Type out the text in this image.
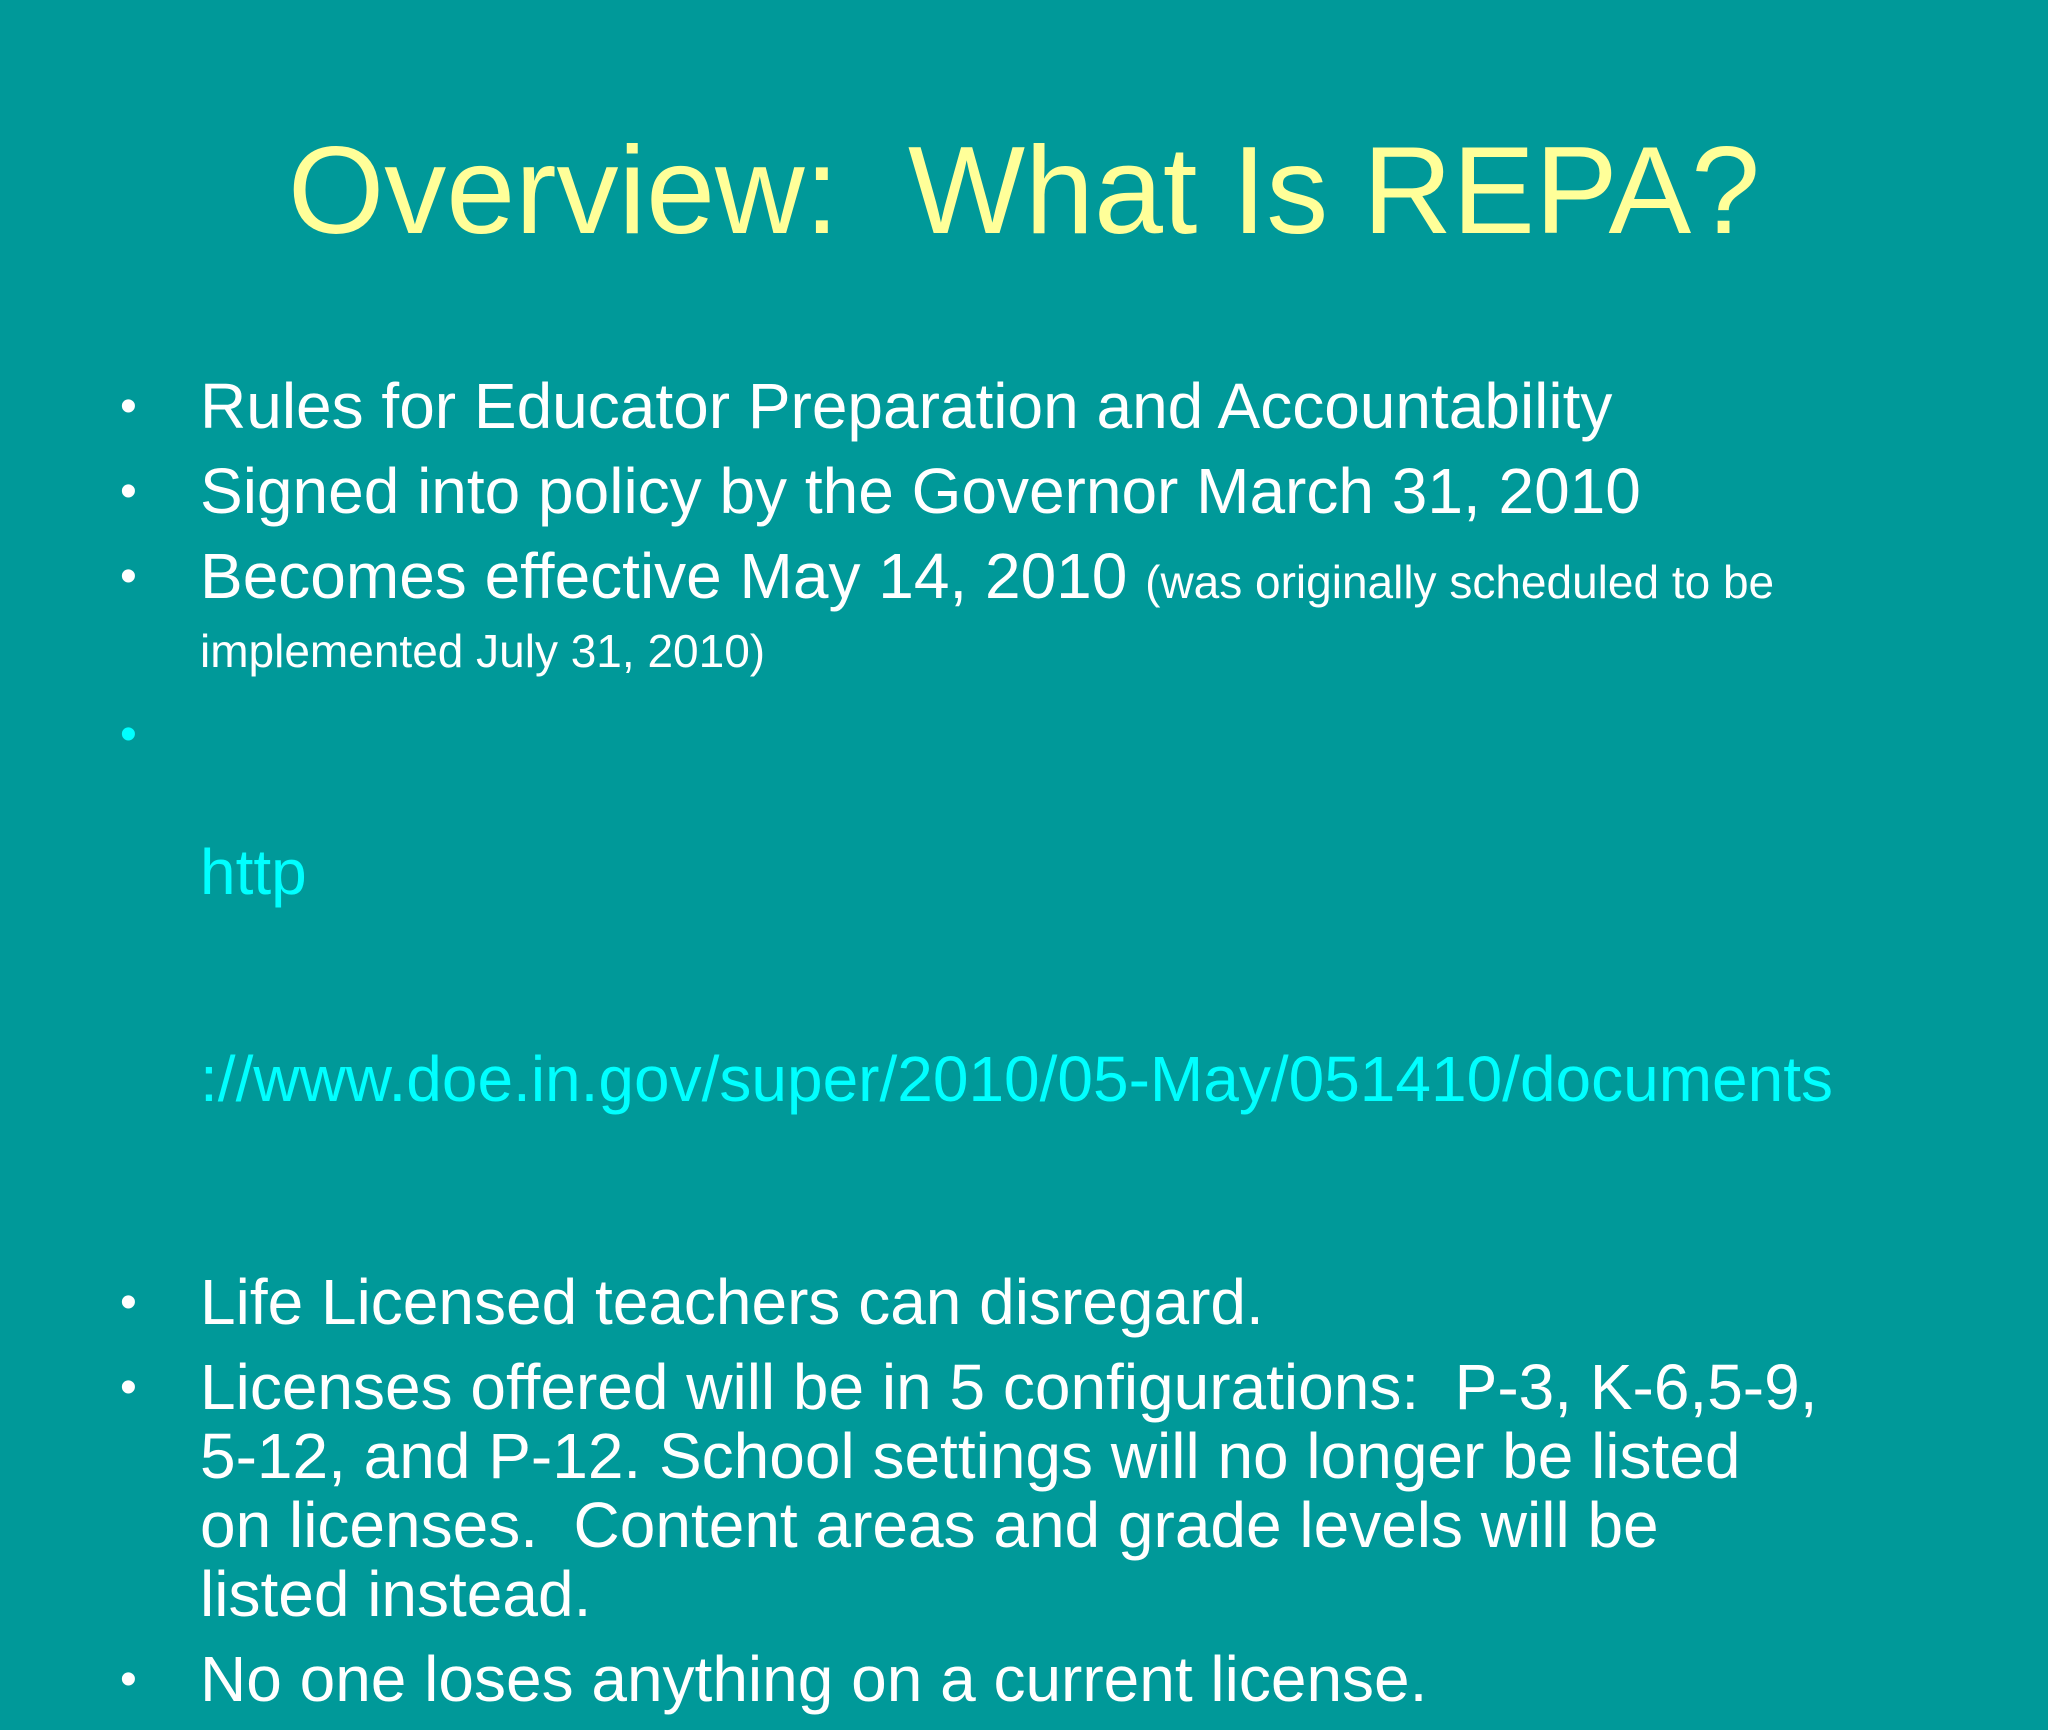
Overview:  What Is REPA?
• Rules for Educator Preparation and Accountability
• Signed into policy by the Governor March 31, 2010
• Becomes effective May 14, 2010 (was originally scheduled to be implemented July 31, 2010)
•

http

://www.doe.in.gov/super/2010/05-May/051410/documents

• Life Licensed teachers can disregard.
• Licenses offered will be in 5 configurations:  P-3, K-6,5-9, 5-12, and P-12. School settings will no longer be listed on licenses.  Content areas and grade levels will be listed instead.
• No one loses anything on a current license.
